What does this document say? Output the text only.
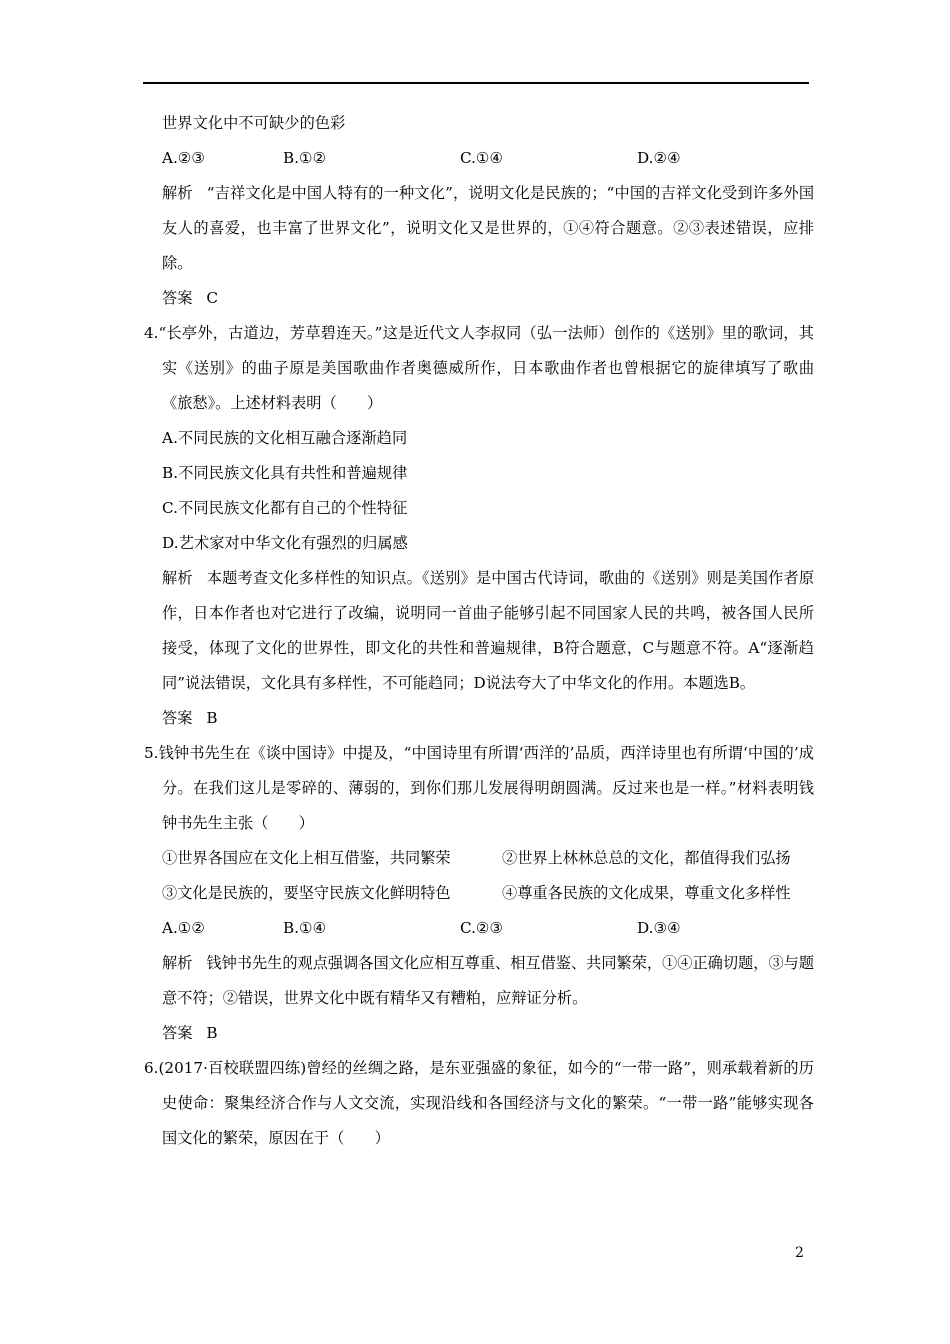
世界文化中不可缺少的色彩
A.②③	B.①②	C.①④	D.②④
解析 “吉祥文化是中国人特有的一种文化”，说明文化是民族的；“中国的吉祥文化受到许多外国友人的喜爱，也丰富了世界文化”，说明文化又是世界的，①④符合题意。②③表述错误，应排除。
答案 C
4.“长亭外，古道边，芳草碧连天。”这是近代文人李叔同（弘一法师）创作的《送别》里的歌词，其实《送别》的曲子原是美国歌曲作者奥德威所作，日本歌曲作者也曾根据它的旋律填写了歌曲《旅愁》。上述材料表明（　　）
A.不同民族的文化相互融合逐渐趋同
B.不同民族文化具有共性和普遍规律
C.不同民族文化都有自己的个性特征
D.艺术家对中华文化有强烈的归属感
解析 本题考查文化多样性的知识点。《送别》是中国古代诗词，歌曲的《送别》则是美国作者原作，日本作者也对它进行了改编，说明同一首曲子能够引起不同国家人民的共鸣，被各国人民所接受，体现了文化的世界性，即文化的共性和普遍规律，B符合题意，C与题意不符。A“逐渐趋同”说法错误，文化具有多样性，不可能趋同；D说法夸大了中华文化的作用。本题选B。
答案 B
5.钱钟书先生在《谈中国诗》中提及，“中国诗里有所谓‘西洋的’品质，西洋诗里也有所谓‘中国的’成分。在我们这儿是零碎的、薄弱的，到你们那儿发展得明朗圆满。反过来也是一样。”材料表明钱钟书先生主张（　　）
①世界各国应在文化上相互借鉴，共同繁荣	②世界上林林总总的文化，都值得我们弘扬
③文化是民族的，要坚守民族文化鲜明特色	④尊重各民族的文化成果，尊重文化多样性
A.①②	B.①④	C.②③	D.③④
解析 钱钟书先生的观点强调各国文化应相互尊重、相互借鉴、共同繁荣，①④正确切题，③与题意不符；②错误，世界文化中既有精华又有糟粕，应辩证分析。
答案 B
6.(2017·百校联盟四练)曾经的丝绸之路，是东亚强盛的象征，如今的“一带一路”，则承载着新的历史使命：聚集经济合作与人文交流，实现沿线和各国经济与文化的繁荣。“一带一路”能够实现各国文化的繁荣，原因在于（　　）
2
